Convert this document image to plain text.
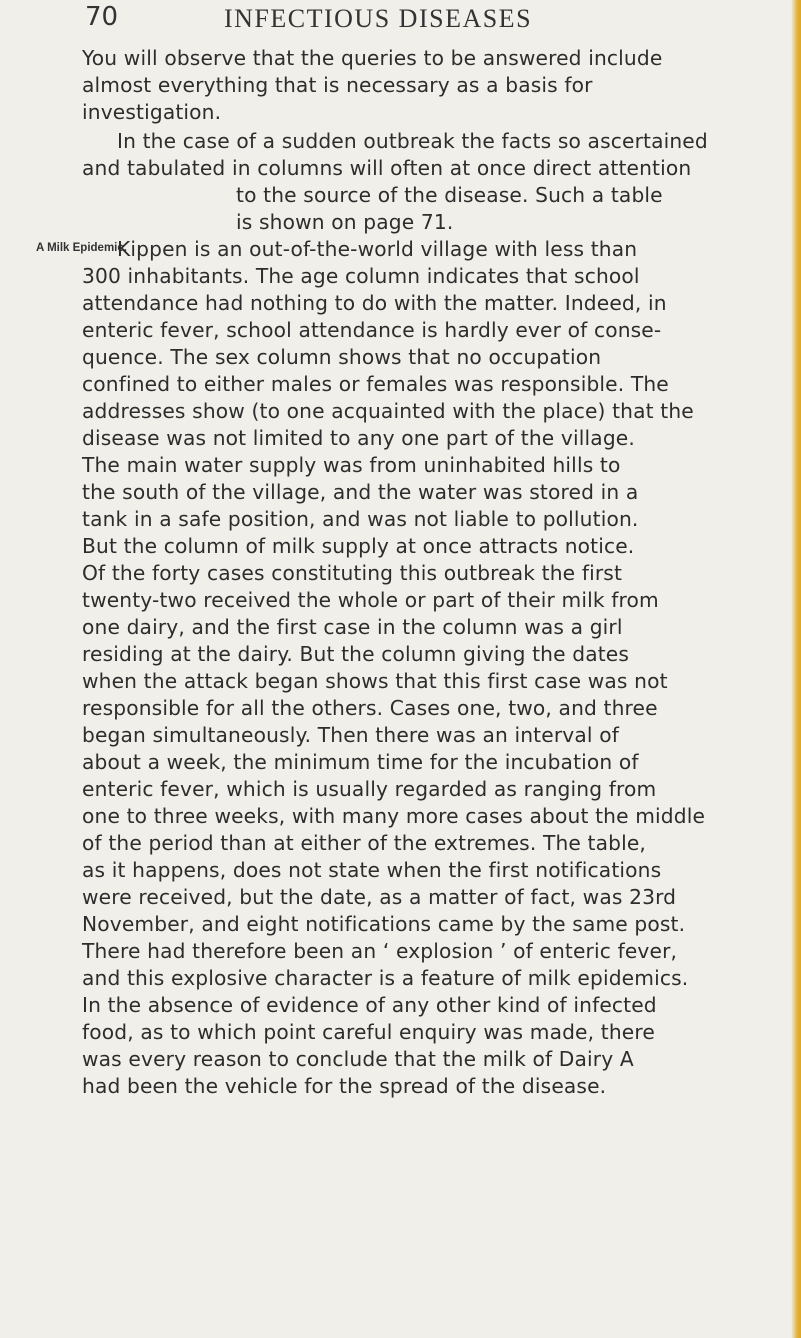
70	INFECTIOUS DISEASES
A Milk Epidemic.
You will observe that the queries to be answered include
almost everything that is necessary as a basis for
investigation.
In the case of a sudden outbreak the facts so ascertained
and tabulated in columns will often at once direct attention
to the source of the disease. Such a table
is shown on page 71.
Kippen is an out-of-the-world village with less than
300 inhabitants. The age column indicates that school
attendance had nothing to do with the matter. Indeed, in
enteric fever, school attendance is hardly ever of conse-
quence. The sex column shows that no occupation
confined to either males or females was responsible. The
addresses show (to one acquainted with the place) that the
disease was not limited to any one part of the village.
The main water supply was from uninhabited hills to
the south of the village, and the water was stored in a
tank in a safe position, and was not liable to pollution.
But the column of milk supply at once attracts notice.
Of the forty cases constituting this outbreak the first
twenty-two received the whole or part of their milk from
one dairy, and the first case in the column was a girl
residing at the dairy. But the column giving the dates
when the attack began shows that this first case was not
responsible for all the others. Cases one, two, and three
began simultaneously. Then there was an interval of
about a week, the minimum time for the incubation of
enteric fever, which is usually regarded as ranging from
one to three weeks, with many more cases about the middle
of the period than at either of the extremes. The table,
as it happens, does not state when the first notifications
were received, but the date, as a matter of fact, was 23rd
November, and eight notifications came by the same post.
There had therefore been an ‘ explosion ’ of enteric fever,
and this explosive character is a feature of milk epidemics.
In the absence of evidence of any other kind of infected
food, as to which point careful enquiry was made, there
was every reason to conclude that the milk of Dairy A
had been the vehicle for the spread of the disease.
